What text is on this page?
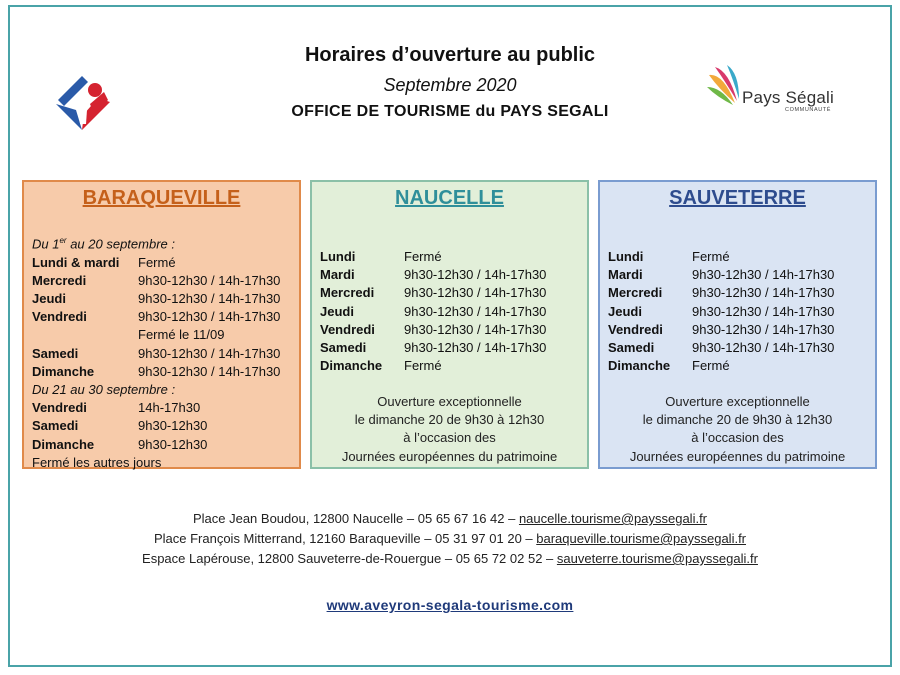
Pays Ségali
COMMUNAUTÉ
Horaires d’ouverture au public
Septembre 2020
OFFICE DE TOURISME du PAYS SEGALI
BARAQUEVILLE
Du 1er au 20 septembre :
Lundi & mardi	Fermé
Mercredi	9h30-12h30 / 14h-17h30
Jeudi	9h30-12h30 / 14h-17h30
Vendredi	9h30-12h30 / 14h-17h30
Fermé le 11/09
Samedi	9h30-12h30 / 14h-17h30
Dimanche	9h30-12h30 / 14h-17h30
Du 21 au 30 septembre :
Vendredi	14h-17h30
Samedi	9h30-12h30
Dimanche	9h30-12h30
Fermé les autres jours
NAUCELLE
Lundi	Fermé
Mardi	9h30-12h30 / 14h-17h30
Mercredi	9h30-12h30 / 14h-17h30
Jeudi	9h30-12h30 / 14h-17h30
Vendredi	9h30-12h30 / 14h-17h30
Samedi	9h30-12h30 / 14h-17h30
Dimanche	Fermé
Ouverture exceptionnelle
le dimanche 20 de 9h30 à 12h30
à l’occasion des
Journées européennes du patrimoine
SAUVETERRE
Lundi	Fermé
Mardi	9h30-12h30 / 14h-17h30
Mercredi	9h30-12h30 / 14h-17h30
Jeudi	9h30-12h30 / 14h-17h30
Vendredi	9h30-12h30 / 14h-17h30
Samedi	9h30-12h30 / 14h-17h30
Dimanche	Fermé
Ouverture exceptionnelle
le dimanche 20 de 9h30 à 12h30
à l’occasion des
Journées européennes du patrimoine
Place Jean Boudou, 12800 Naucelle – 05 65 67 16 42 – naucelle.tourisme@payssegali.fr
Place François Mitterrand, 12160 Baraqueville – 05 31 97 01 20 – baraqueville.tourisme@payssegali.fr
Espace Lapérouse, 12800 Sauveterre-de-Rouergue – 05 65 72 02 52 – sauveterre.tourisme@payssegali.fr
www.aveyron-segala-tourisme.com
